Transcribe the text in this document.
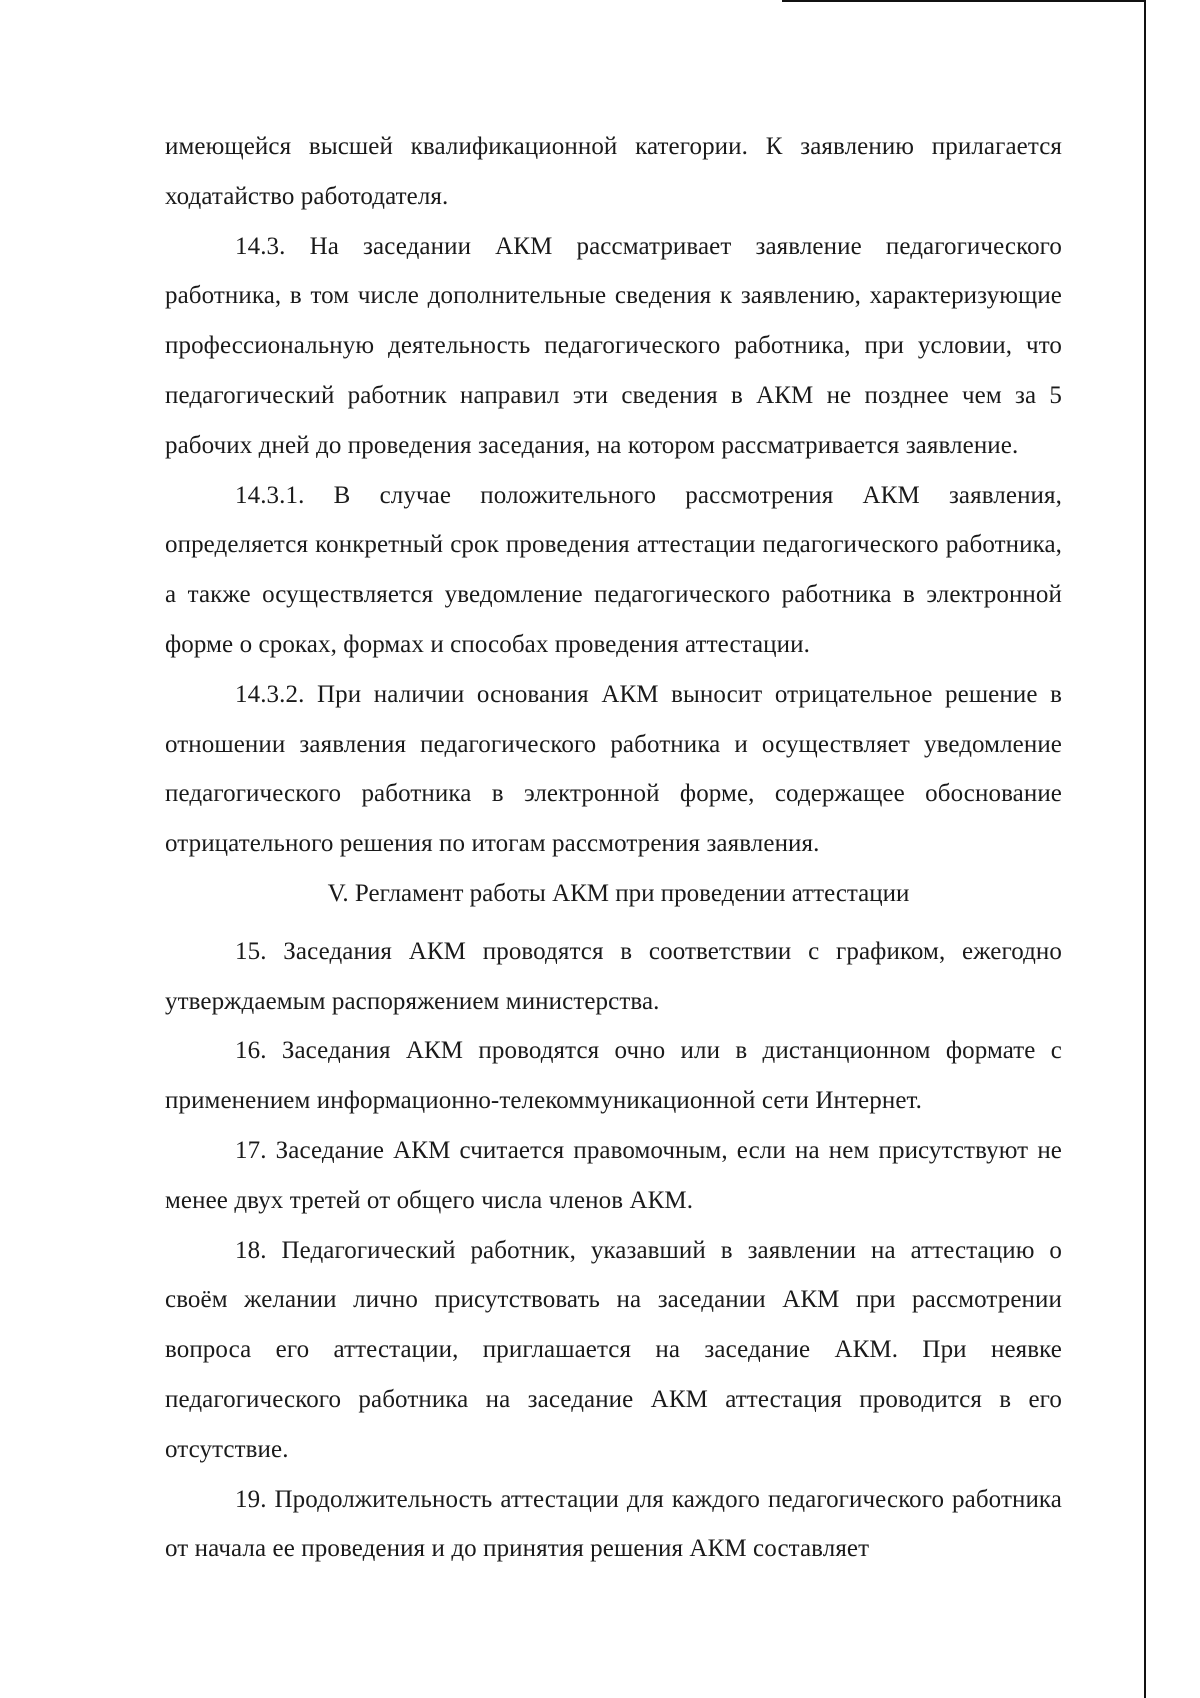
имеющейся высшей квалификационной категории. К заявлению прилагается ходатайство работодателя.

14.3. На заседании АКМ рассматривает заявление педагогического работника, в том числе дополнительные сведения к заявлению, характеризующие профессиональную деятельность педагогического работника, при условии, что педагогический работник направил эти сведения в АКМ не позднее чем за 5 рабочих дней до проведения заседания, на котором рассматривается заявление.

14.3.1. В случае положительного рассмотрения АКМ заявления, определяется конкретный срок проведения аттестации педагогического работника, а также осуществляется уведомление педагогического работника в электронной форме о сроках, формах и способах проведения аттестации.

14.3.2. При наличии основания АКМ выносит отрицательное решение в отношении заявления педагогического работника и осуществляет уведомление педагогического работника в электронной форме, содержащее обоснование отрицательного решения по итогам рассмотрения заявления.

V. Регламент работы АКМ при проведении аттестации

15. Заседания АКМ проводятся в соответствии с графиком, ежегодно утверждаемым распоряжением министерства.

16. Заседания АКМ проводятся очно или в дистанционном формате с применением информационно-телекоммуникационной сети Интернет.

17. Заседание АКМ считается правомочным, если на нем присутствуют не менее двух третей от общего числа членов АКМ.

18. Педагогический работник, указавший в заявлении на аттестацию о своём желании лично присутствовать на заседании АКМ при рассмотрении вопроса его аттестации, приглашается на заседание АКМ. При неявке педагогического работника на заседание АКМ аттестация проводится в его отсутствие.

19. Продолжительность аттестации для каждого педагогического работника от начала ее проведения и до принятия решения АКМ составляет
